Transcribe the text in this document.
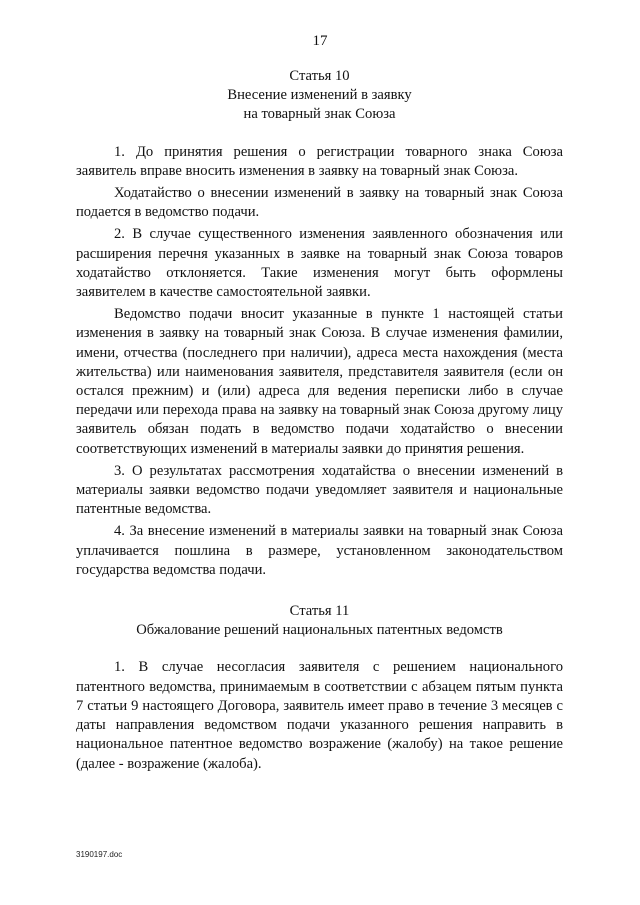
17
Статья 10
Внесение изменений в заявку
на товарный знак Союза

1. До принятия решения о регистрации товарного знака Союза заявитель вправе вносить изменения в заявку на товарный знак Союза.

Ходатайство о внесении изменений в заявку на товарный знак Союза подается в ведомство подачи.

2. В случае существенного изменения заявленного обозначения или расширения перечня указанных в заявке на товарный знак Союза товаров ходатайство отклоняется. Такие изменения могут быть оформлены заявителем в качестве самостоятельной заявки.

Ведомство подачи вносит указанные в пункте 1 настоящей статьи изменения в заявку на товарный знак Союза. В случае изменения фамилии, имени, отчества (последнего при наличии), адреса места нахождения (места жительства) или наименования заявителя, представителя заявителя (если он остался прежним) и (или) адреса для ведения переписки либо в случае передачи или перехода права на заявку на товарный знак Союза другому лицу заявитель обязан подать в ведомство подачи ходатайство о внесении соответствующих изменений в материалы заявки до принятия решения.

3. О результатах рассмотрения ходатайства о внесении изменений в материалы заявки ведомство подачи уведомляет заявителя и национальные патентные ведомства.

4. За внесение изменений в материалы заявки на товарный знак Союза уплачивается пошлина в размере, установленном законодательством государства ведомства подачи.

Статья 11
Обжалование решений национальных патентных ведомств

1. В случае несогласия заявителя с решением национального патентного ведомства, принимаемым в соответствии с абзацем пятым пункта 7 статьи 9 настоящего Договора, заявитель имеет право в течение 3 месяцев с даты направления ведомством подачи указанного решения направить в национальное патентное ведомство возражение (жалобу) на такое решение (далее - возражение (жалоба).

3190197.doc
